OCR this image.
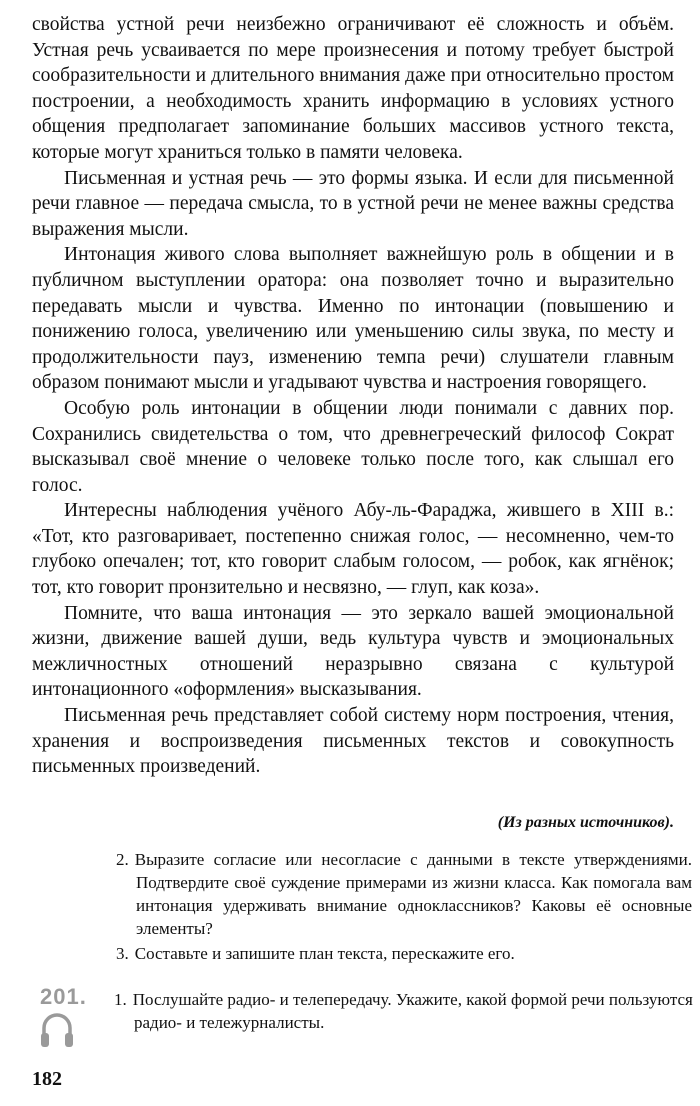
свойства устной речи неизбежно ограничивают её сложность и объём. Устная речь усваивается по мере произнесения и потому требует быстрой сообразительности и длительного внимания даже при относительно простом построении, а необходимость хранить информацию в условиях устного общения предполагает запоминание больших массивов устного текста, которые могут храниться только в памяти человека.

Письменная и устная речь — это формы языка. И если для письменной речи главное — передача смысла, то в устной речи не менее важны средства выражения мысли.

Интонация живого слова выполняет важнейшую роль в общении и в публичном выступлении оратора: она позволяет точно и выразительно передавать мысли и чувства. Именно по интонации (повышению и понижению голоса, увеличению или уменьшению силы звука, по месту и продолжительности пауз, изменению темпа речи) слушатели главным образом понимают мысли и угадывают чувства и настроения говорящего.

Особую роль интонации в общении люди понимали с давних пор. Сохранились свидетельства о том, что древнегреческий философ Сократ высказывал своё мнение о человеке только после того, как слышал его голос.

Интересны наблюдения учёного Абу-ль-Фараджа, жившего в XIII в.: «Тот, кто разговаривает, постепенно снижая голос, — несомненно, чем-то глубоко опечален; тот, кто говорит слабым голосом, — робок, как ягнёнок; тот, кто говорит пронзительно и несвязно, — глуп, как коза».

Помните, что ваша интонация — это зеркало вашей эмоциональной жизни, движение вашей души, ведь культура чувств и эмоциональных межличностных отношений неразрывно связана с культурой интонационного «оформления» высказывания.

Письменная речь представляет собой систему норм построения, чтения, хранения и воспроизведения письменных текстов и совокупность письменных произведений.

(Из разных источников).
2. Выразите согласие или несогласие с данными в тексте утверждениями. Подтвердите своё суждение примерами из жизни класса. Как помогала вам интонация удерживать внимание одноклассников? Каковы её основные элементы?
3. Составьте и запишите план текста, перескажите его.
201. 1. Послушайте радио- и телепередачу. Укажите, какой формой речи пользуются радио- и тележурналисты.
182
